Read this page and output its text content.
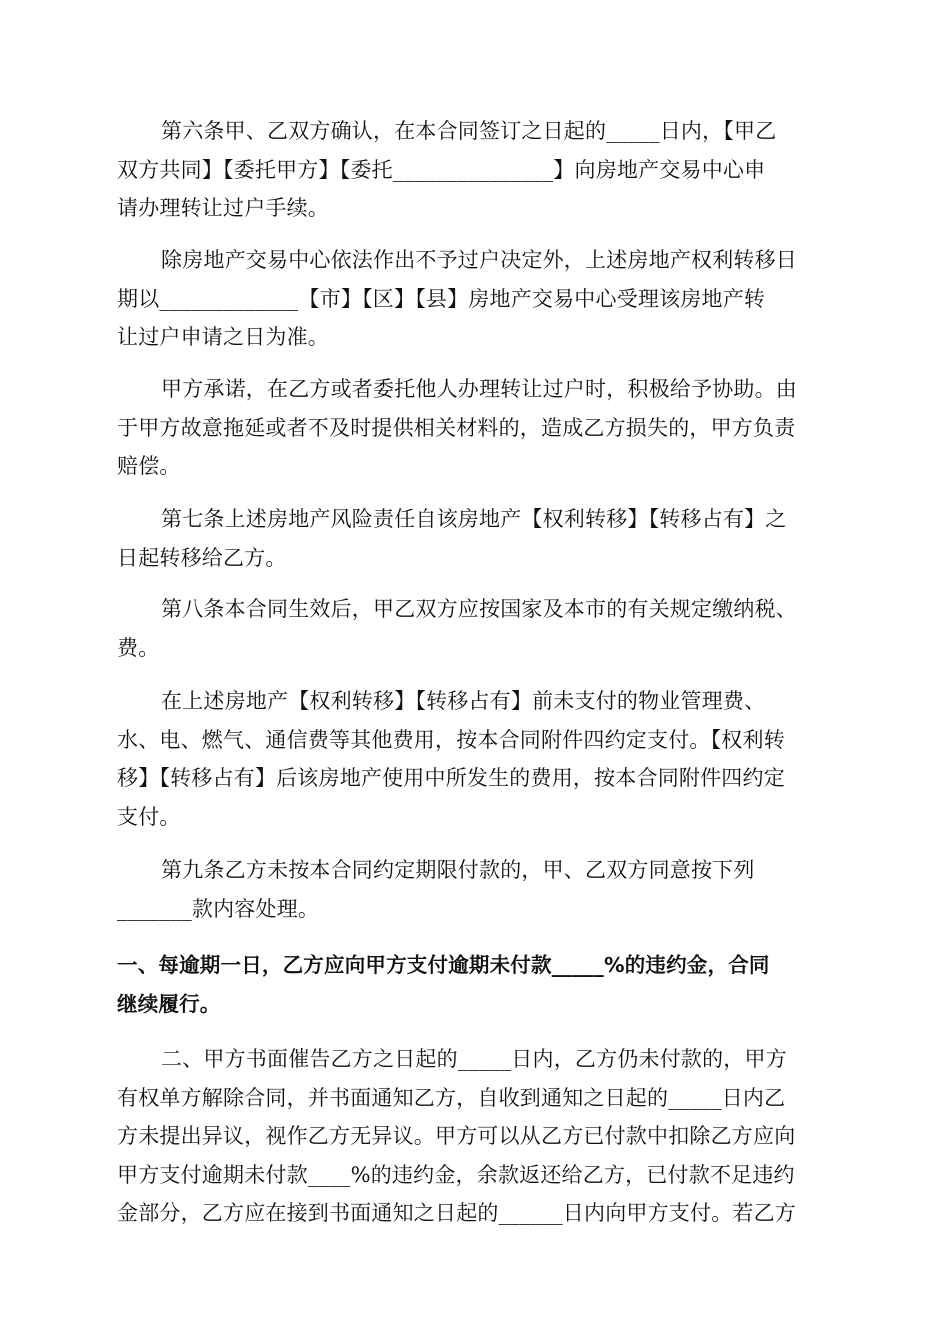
第六条甲、乙双方确认，在本合同签订之日起的_____日内，【甲乙
双方共同】【委托甲方】【委托_______________】向房地产交易中心申
请办理转让过户手续。
除房地产交易中心依法作出不予过户决定外，上述房地产权利转移日
期以_____________【市】【区】【县】房地产交易中心受理该房地产转
让过户申请之日为准。
甲方承诺，在乙方或者委托他人办理转让过户时，积极给予协助。由
于甲方故意拖延或者不及时提供相关材料的，造成乙方损失的，甲方负责
赔偿。
第七条上述房地产风险责任自该房地产【权利转移】【转移占有】之
日起转移给乙方。
第八条本合同生效后，甲乙双方应按国家及本市的有关规定缴纳税、
费。
在上述房地产【权利转移】【转移占有】前未支付的物业管理费、
水、电、燃气、通信费等其他费用，按本合同附件四约定支付。【权利转
移】【转移占有】后该房地产使用中所发生的费用，按本合同附件四约定
支付。
第九条乙方未按本合同约定期限付款的，甲、乙双方同意按下列
_______款内容处理。
一、每逾期一日，乙方应向甲方支付逾期未付款_____%的违约金，合同
继续履行。
二、甲方书面催告乙方之日起的_____日内，乙方仍未付款的，甲方
有权单方解除合同，并书面通知乙方，自收到通知之日起的_____日内乙
方未提出异议，视作乙方无异议。甲方可以从乙方已付款中扣除乙方应向
甲方支付逾期未付款____%的违约金，余款返还给乙方，已付款不足违约
金部分，乙方应在接到书面通知之日起的______日内向甲方支付。若乙方
